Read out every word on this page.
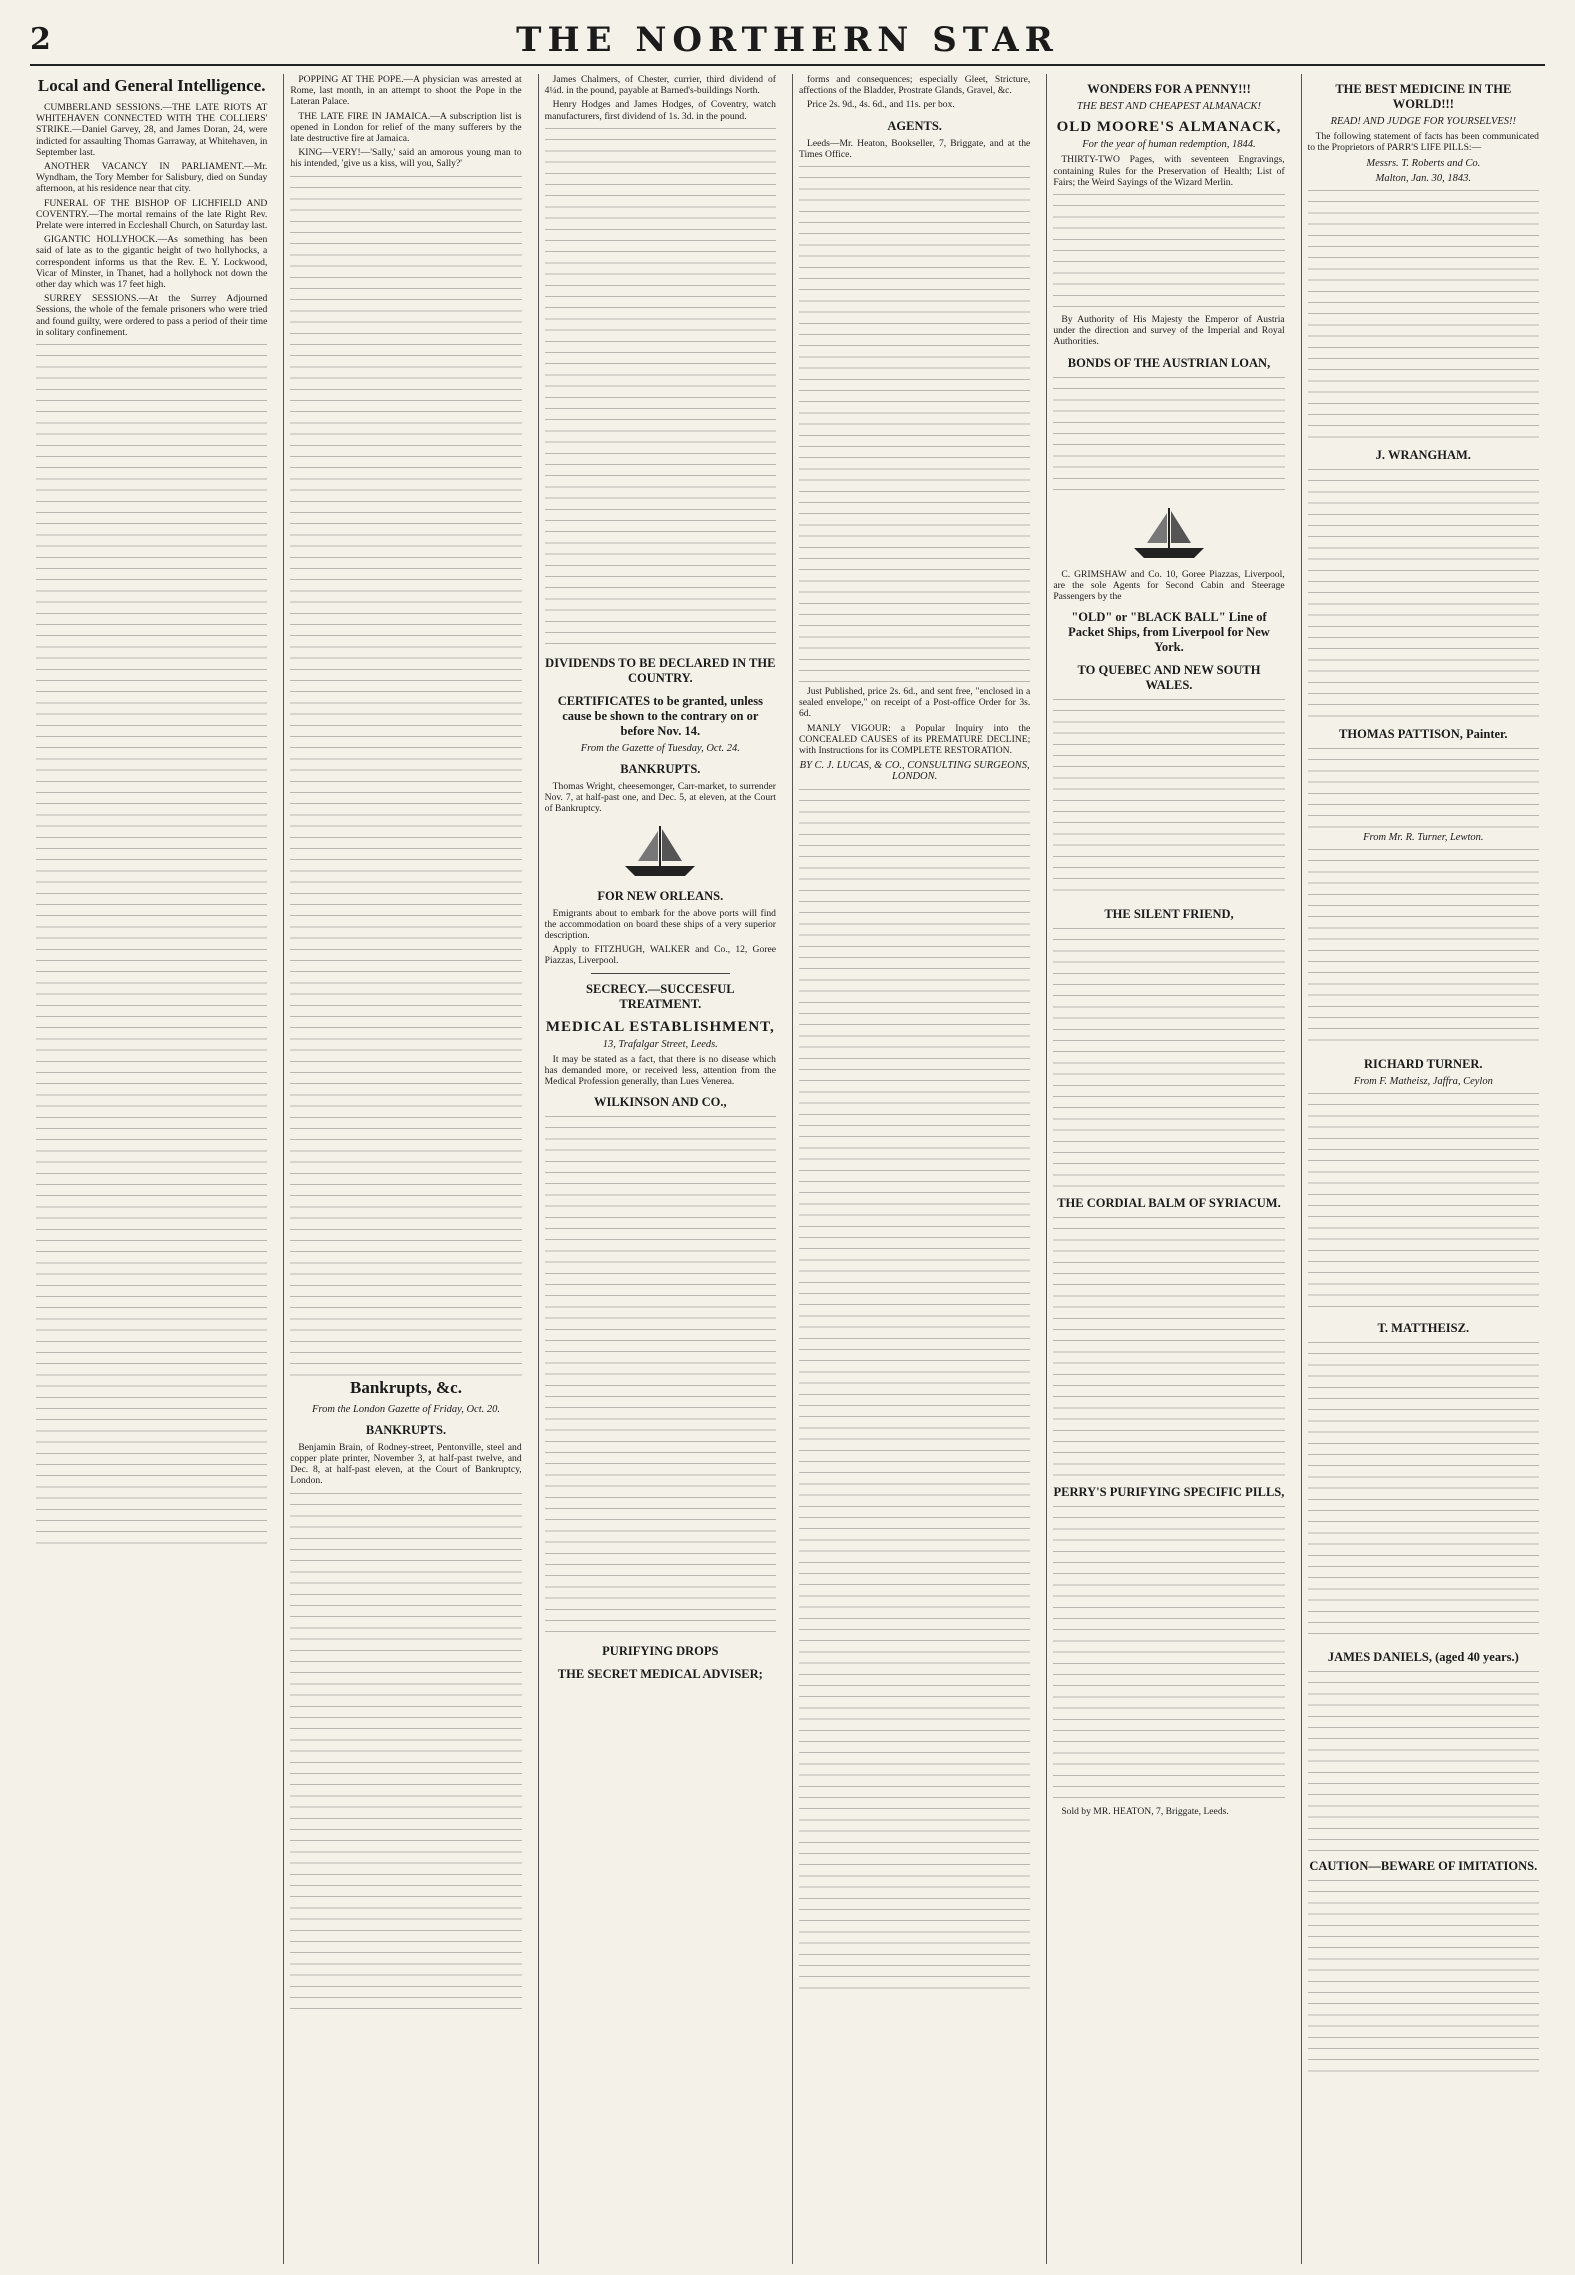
2	THE NORTHERN STAR
Local and General Intelligence.

CUMBERLAND SESSIONS.—THE LATE RIOTS AT WHITEHAVEN CONNECTED WITH THE COLLIERS' STRIKE.—Daniel Garvey, 28, and James Doran, 24, were indicted for assaulting Thomas Garraway, at Whitehaven, in September last.

ANOTHER VACANCY IN PARLIAMENT.—Mr. Wyndham, the Tory Member for Salisbury, died on Sunday afternoon, at his residence near that city.

FUNERAL OF THE BISHOP OF LICHFIELD AND COVENTRY.—The mortal remains of the late Right Rev. Prelate were interred in Eccleshall Church, on Saturday last.

GIGANTIC HOLLYHOCK.—As something has been said of late as to the gigantic height of two hollyhocks, a correspondent informs us that the Rev. E. Y. Lockwood, Vicar of Minster, in Thanet, had a hollyhock not down the other day which was 17 feet high.

SURREY SESSIONS.—At the Surrey Adjourned Sessions, the whole of the female prisoners who were tried and found guilty, were ordered to pass a period of their time in solitary confinement.

POPPING AT THE POPE.—A physician was arrested at Rome, last month, in an attempt to shoot the Pope in the Lateran Palace.

THE LATE FIRE IN JAMAICA.—A subscription list is opened in London for relief of the many sufferers by the late destructive fire at Jamaica.

KING—VERY!—'Sally,' said an amorous young man to his intended, 'give us a kiss, will you, Sally?'

Bankrupts, &c.
From the London Gazette of Friday, Oct. 20.
BANKRUPTS.

Benjamin Brain, of Rodney-street, Pentonville, steel and copper plate printer, November 3, at half-past twelve, and Dec. 8, at half-past eleven, at the Court of Bankruptcy, London.

James Chalmers, of Chester, currier, third dividend of 4¼d. in the pound, payable at Barned's-buildings North.

Henry Hodges and James Hodges, of Coventry, watch manufacturers, first dividend of 1s. 3d. in the pound.

DIVIDENDS TO BE DECLARED IN THE COUNTRY.
CERTIFICATES to be granted, unless cause be shown to the contrary on or before Nov. 14.
From the Gazette of Tuesday, Oct. 24.
BANKRUPTS.

Thomas Wright, cheesemonger, Carr-market, to surrender Nov. 7, at half-past one, and Dec. 5, at eleven, at the Court of Bankruptcy.

FOR NEW ORLEANS.

Emigrants about to embark for the above ports will find the accommodation on board these ships of a very superior description.

Apply to FITZHUGH, WALKER and Co., 12, Goree Piazzas, Liverpool.

SECRECY.—SUCCESFUL TREATMENT.
MEDICAL ESTABLISHMENT,
13, Trafalgar Street, Leeds.

It may be stated as a fact, that there is no disease which has demanded more, or received less, attention from the Medical Profession generally, than Lues Venerea.

WILKINSON AND CO.,
PURIFYING DROPS
THE SECRET MEDICAL ADVISER;

forms and consequences; especially Gleet, Stricture, affections of the Bladder, Prostrate Glands, Gravel, &c.

Price 2s. 9d., 4s. 6d., and 11s. per box.

AGENTS.

Leeds—Mr. Heaton, Bookseller, 7, Briggate, and at the Times Office.

Just Published, price 2s. 6d., and sent free, "enclosed in a sealed envelope," on receipt of a Post-office Order for 3s. 6d.

MANLY VIGOUR: a Popular Inquiry into the CONCEALED CAUSES of its PREMATURE DECLINE; with Instructions for its COMPLETE RESTORATION.

BY C. J. LUCAS, & CO., CONSULTING SURGEONS, LONDON.
WONDERS FOR A PENNY!!!
THE BEST AND CHEAPEST ALMANACK!
OLD MOORE'S ALMANACK,
For the year of human redemption, 1844.

THIRTY-TWO Pages, with seventeen Engravings, containing Rules for the Preservation of Health; List of Fairs; the Weird Sayings of the Wizard Merlin.

By Authority of His Majesty the Emperor of Austria under the direction and survey of the Imperial and Royal Authorities.

BONDS OF THE AUSTRIAN LOAN,

C. GRIMSHAW and Co. 10, Goree Piazzas, Liverpool, are the sole Agents for Second Cabin and Steerage Passengers by the

"OLD" or "BLACK BALL" Line of Packet Ships, from Liverpool for New York.
TO QUEBEC AND NEW SOUTH WALES.
THE SILENT FRIEND,
THE CORDIAL BALM OF SYRIACUM.
PERRY'S PURIFYING SPECIFIC PILLS,

Sold by MR. HEATON, 7, Briggate, Leeds.

THE BEST MEDICINE IN THE WORLD!!!
READ! AND JUDGE FOR YOURSELVES!!

The following statement of facts has been communicated to the Proprietors of PARR'S LIFE PILLS:—

Messrs. T. Roberts and Co.
Malton, Jan. 30, 1843.
J. WRANGHAM.
THOMAS PATTISON, Painter.
From Mr. R. Turner, Lewton.
RICHARD TURNER.
From F. Matheisz, Jaffra, Ceylon
T. MATTHEISZ.
JAMES DANIELS, (aged 40 years.)
CAUTION—BEWARE OF IMITATIONS.
